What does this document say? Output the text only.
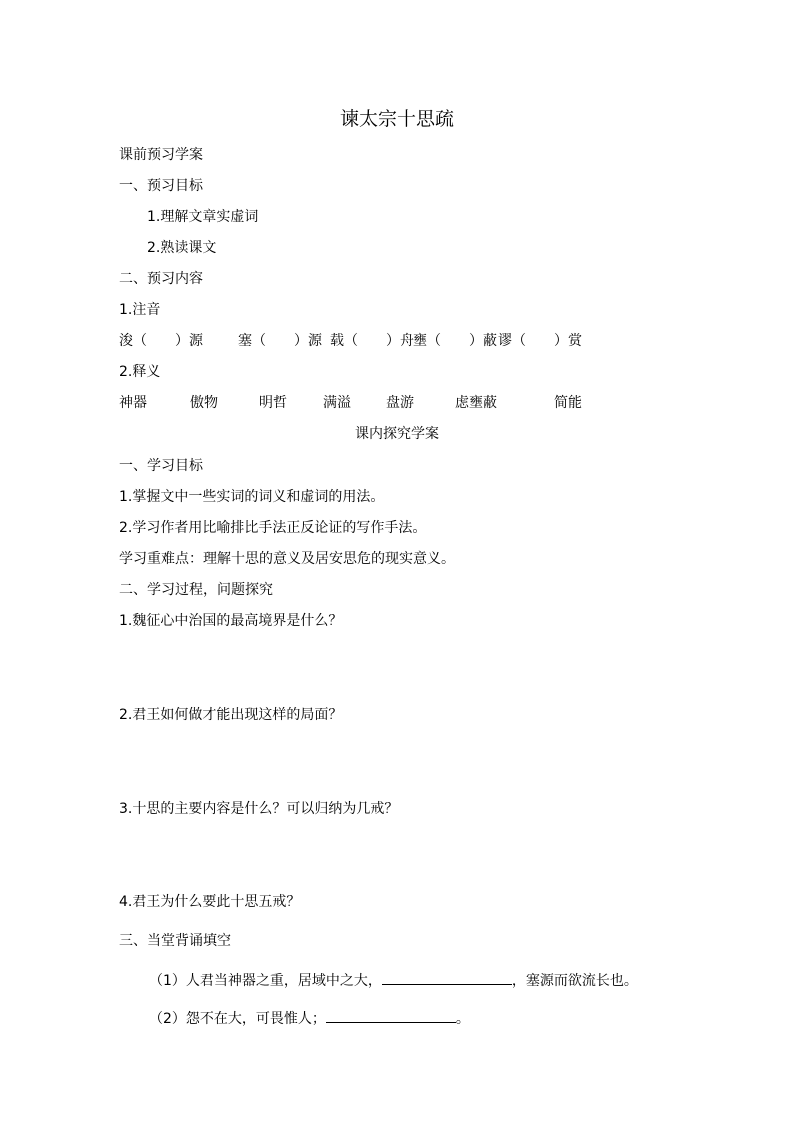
谏太宗十思疏
课前预习学案
一、预习目标
1.理解文章实虚词
2.熟读课文
二、预习内容
1.注音
浚（　　）源	塞（　　）源 载（　　）舟 壅（　　）蔽 谬（　　）赏
2.释义
神器	傲物	明哲	满溢	盘游	虑壅蔽	简能
课内探究学案
一、学习目标
1.掌握文中一些实词的词义和虚词的用法。
2.学习作者用比喻排比手法正反论证的写作手法。
学习重难点：理解十思的意义及居安思危的现实意义。
二、学习过程，问题探究
1.魏征心中治国的最高境界是什么？
2.君王如何做才能出现这样的局面？
3.十思的主要内容是什么？可以归纳为几戒？
4.君王为什么要此十思五戒？
三、当堂背诵填空
（1）人君当神器之重，居域中之大，	，塞源而欲流长也。
（2）怨不在大，可畏惟人；	。
